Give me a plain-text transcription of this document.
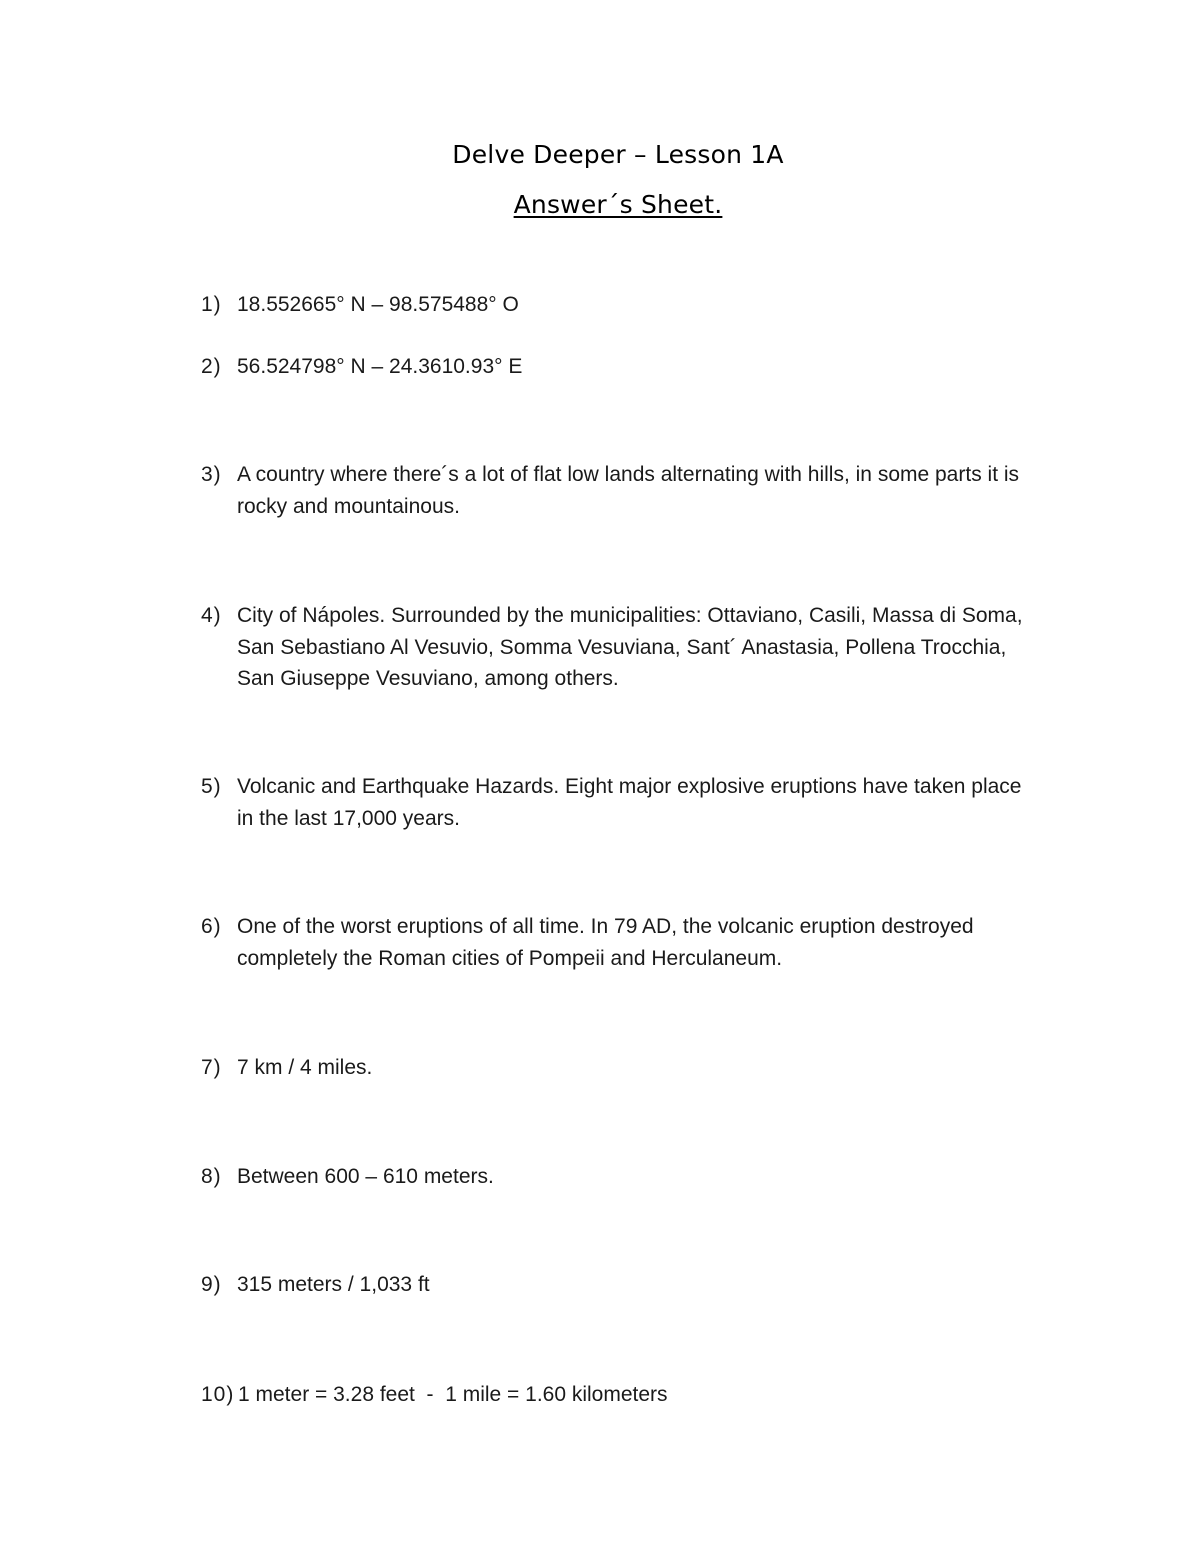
Delve Deeper – Lesson 1A
Answer´s Sheet.
1) 18.552665° N – 98.575488° O
2) 56.524798° N – 24.3610.93° E
3) A country where there´s a lot of flat low lands alternating with hills, in some parts it is rocky and mountainous.
4) City of Nápoles. Surrounded by the municipalities: Ottaviano, Casili, Massa di Soma, San Sebastiano Al Vesuvio, Somma Vesuviana, Sant´ Anastasia, Pollena Trocchia, San Giuseppe Vesuviano, among others.
5) Volcanic and Earthquake Hazards. Eight major explosive eruptions have taken place in the last 17,000 years.
6) One of the worst eruptions of all time. In 79 AD, the volcanic eruption destroyed completely the Roman cities of Pompeii and Herculaneum.
7) 7 km / 4 miles.
8) Between 600 – 610 meters.
9) 315 meters / 1,033 ft
10) 1 meter = 3.28 feet  -  1 mile = 1.60 kilometers
